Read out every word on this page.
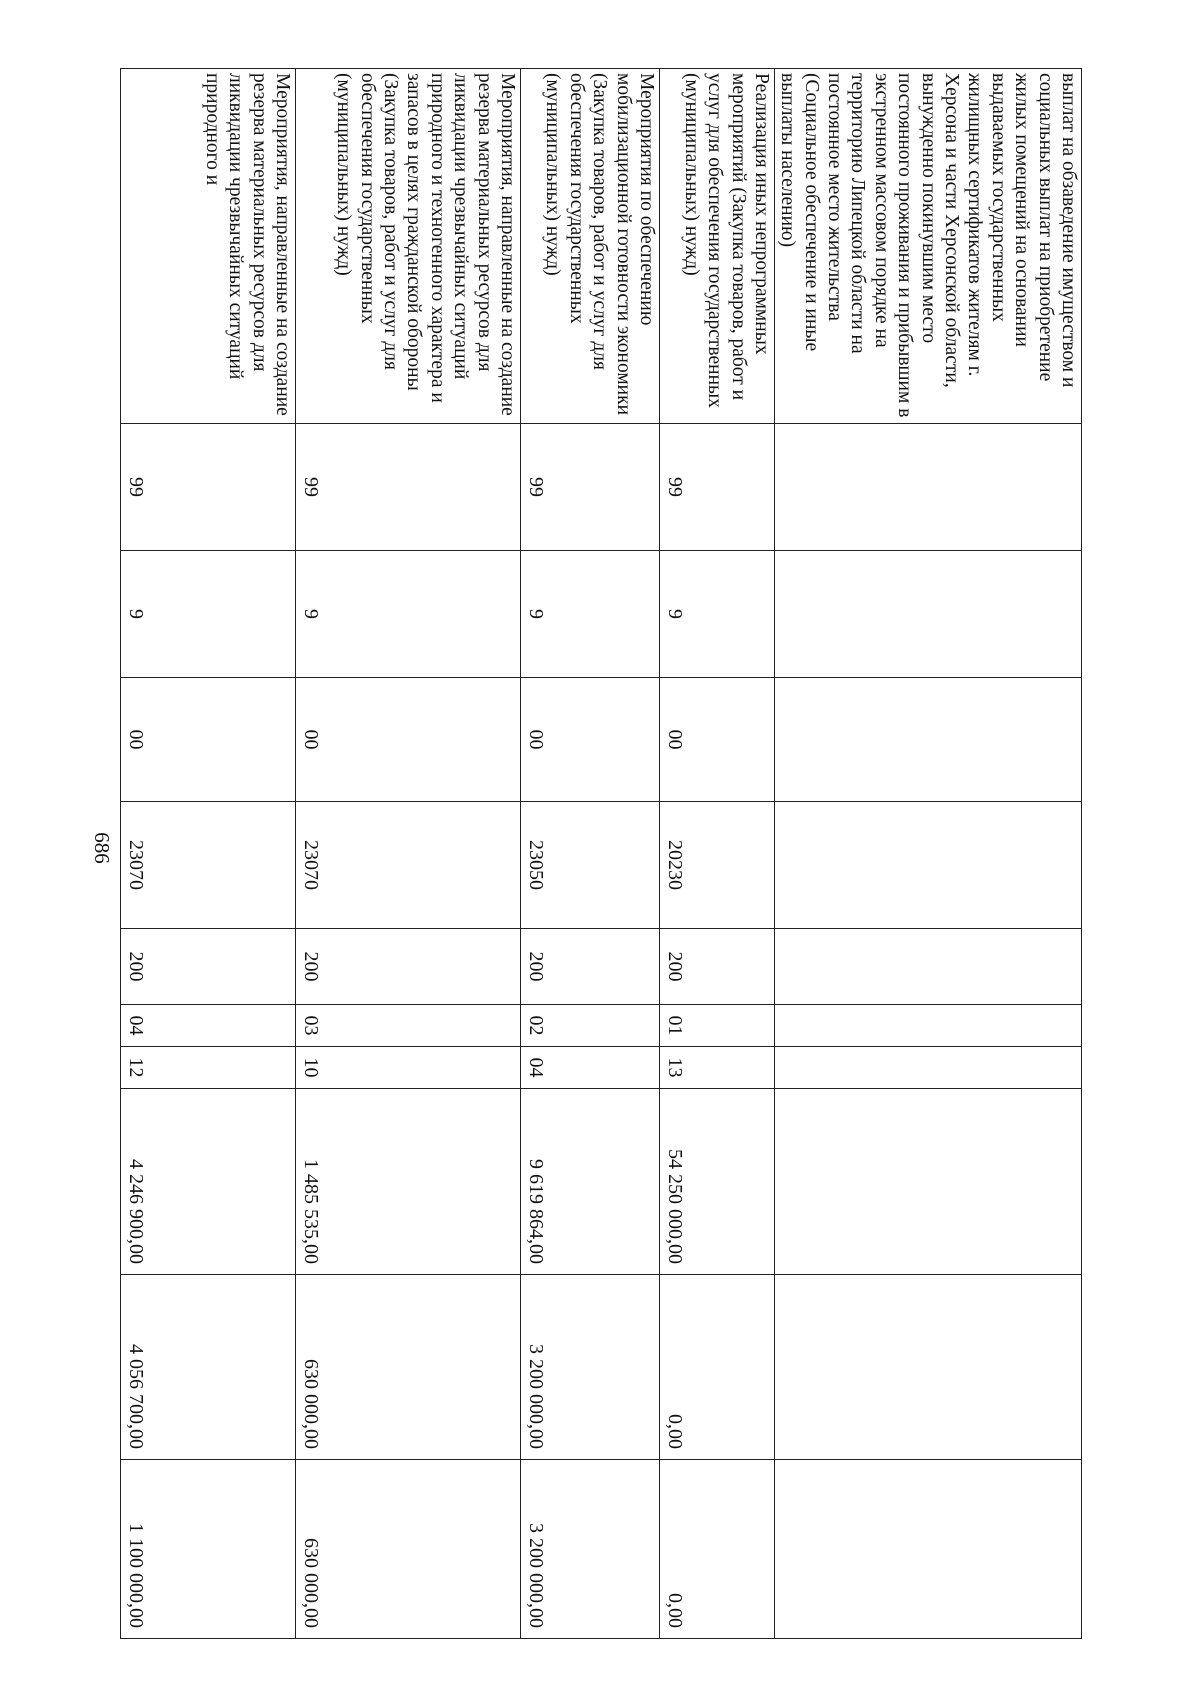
686
выплат на обзаведение имуществом и социальных выплат на приобретение жилых помещений на основании выдаваемых государственных жилищных сертификатов жителям г. Херсона и части Херсонской области, вынужденно покинувшим место постоянного проживания и прибывшим в экстренном массовом порядке на территорию Липецкой области на постоянное место жительства (Социальное обеспечение и иные выплаты населению)										
Реализация иных непрограммных мероприятий (Закупка товаров, работ и услуг для обеспечения государственных (муниципальных) нужд)	99	9	00	20230	200	01	13	54 250 000,00	0,00	0,00
Мероприятия по обеспечению мобилизационной готовности экономики (Закупка товаров, работ и услуг для обеспечения государственных (муниципальных) нужд)	99	9	00	23050	200	02	04	9 619 864,00	3 200 000,00	3 200 000,00
Мероприятия, направленные на создание резерва материальных ресурсов для ликвидации чрезвычайных ситуаций природного и техногенного характера и запасов в целях гражданской обороны (Закупка товаров, работ и услуг для обеспечения государственных (муниципальных) нужд)	99	9	00	23070	200	03	10	1 485 535,00	630 000,00	630 000,00
Мероприятия, направленные на создание резерва материальных ресурсов для ликвидации чрезвычайных ситуаций природного и	99	9	00	23070	200	04	12	4 246 900,00	4 056 700,00	1 100 000,00
